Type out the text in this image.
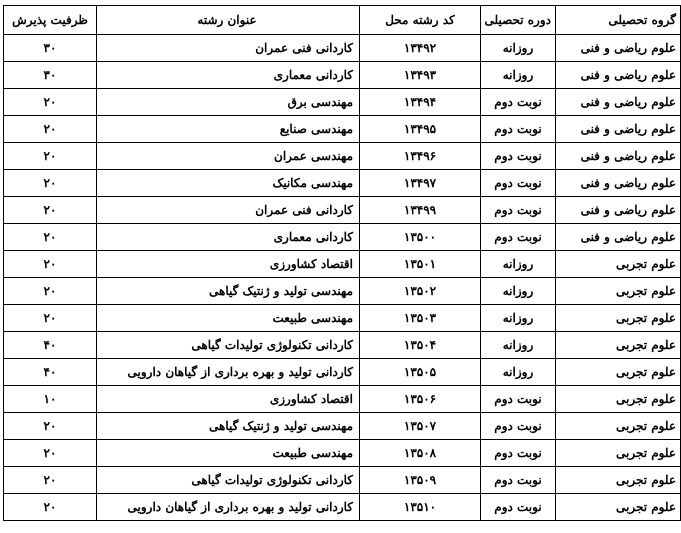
گروه تحصیلی	دوره تحصیلی	کد رشته محل	عنوان رشته	ظرفیت پذیرش
علوم ریاضی و فنی	روزانه	۱۳۴۹۲	کاردانی فنی عمران	۳۰
علوم ریاضی و فنی	روزانه	۱۳۴۹۳	کاردانی معماری	۳۰
علوم ریاضی و فنی	نوبت دوم	۱۳۴۹۴	مهندسی برق	۲۰
علوم ریاضی و فنی	نوبت دوم	۱۳۴۹۵	مهندسی صنایع	۲۰
علوم ریاضی و فنی	نوبت دوم	۱۳۴۹۶	مهندسی عمران	۲۰
علوم ریاضی و فنی	نوبت دوم	۱۳۴۹۷	مهندسی مکانیک	۲۰
علوم ریاضی و فنی	نوبت دوم	۱۳۴۹۹	کاردانی فنی عمران	۲۰
علوم ریاضی و فنی	نوبت دوم	۱۳۵۰۰	کاردانی معماری	۲۰
علوم تجربی	روزانه	۱۳۵۰۱	اقتصاد کشاورزی	۲۰
علوم تجربی	روزانه	۱۳۵۰۲	مهندسی تولید و ژنتیک گیاهی	۲۰
علوم تجربی	روزانه	۱۳۵۰۳	مهندسی طبیعت	۲۰
علوم تجربی	روزانه	۱۳۵۰۴	کاردانی تکنولوژی تولیدات گیاهی	۴۰
علوم تجربی	روزانه	۱۳۵۰۵	کاردانی تولید و بهره برداری از گیاهان دارویی	۴۰
علوم تجربی	نوبت دوم	۱۳۵۰۶	اقتصاد کشاورزی	۱۰
علوم تجربی	نوبت دوم	۱۳۵۰۷	مهندسی تولید و ژنتیک گیاهی	۲۰
علوم تجربی	نوبت دوم	۱۳۵۰۸	مهندسی طبیعت	۲۰
علوم تجربی	نوبت دوم	۱۳۵۰۹	کاردانی تکنولوژی تولیدات گیاهی	۲۰
علوم تجربی	نوبت دوم	۱۳۵۱۰	کاردانی تولید و بهره برداری از گیاهان دارویی	۲۰
